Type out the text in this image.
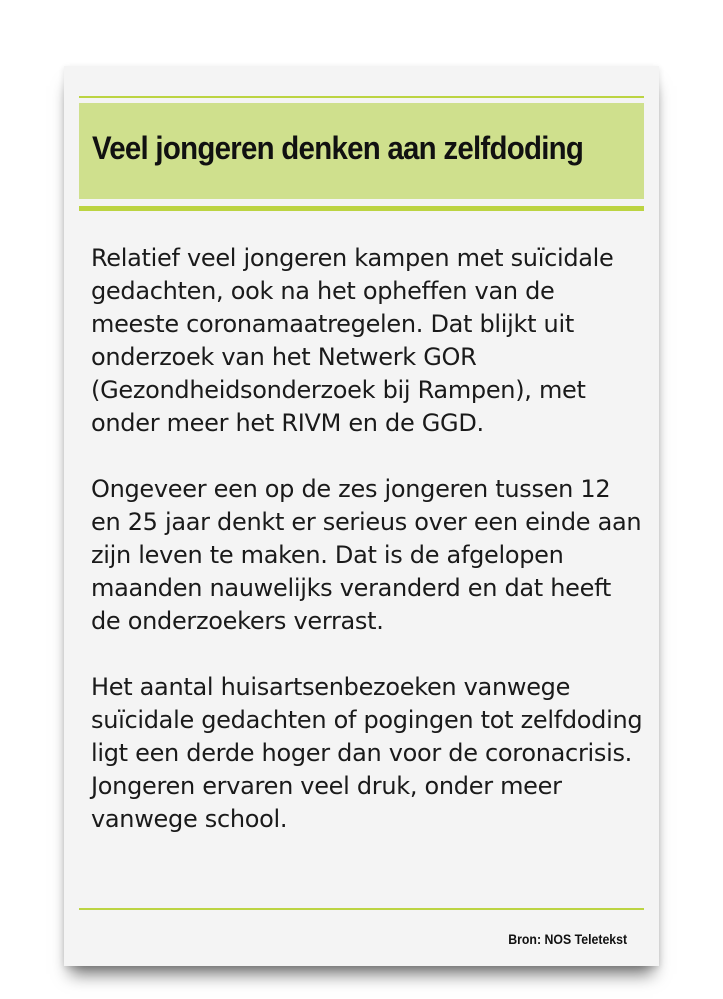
Veel jongeren denken aan zelfdoding

Relatief veel jongeren kampen met suïcidale gedachten, ook na het opheffen van de meeste coronamaatregelen. Dat blijkt uit onderzoek van het Netwerk GOR (Gezondheidsonderzoek bij Rampen), met onder meer het RIVM en de GGD.

Ongeveer een op de zes jongeren tussen 12 en 25 jaar denkt er serieus over een einde aan zijn leven te maken. Dat is de afgelopen maanden nauwelijks veranderd en dat heeft de onderzoekers verrast.

Het aantal huisartsenbezoeken vanwege suïcidale gedachten of pogingen tot zelfdoding ligt een derde hoger dan voor de coronacrisis. Jongeren ervaren veel druk, onder meer vanwege school.

Bron: NOS Teletekst
